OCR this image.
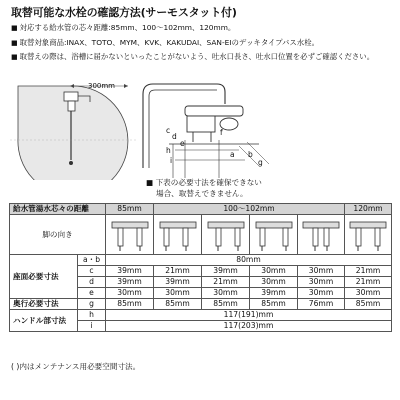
取替可能な水栓の確認方法(サーモスタット付)
■ 対応する給水管の芯々距離:85mm、100～102mm、120mm。
■ 取替対象商品:INAX、TOTO、MYM、KVK、KAKUDAI、SAN-EIのデッキタイプバス水栓。
■ 取替えの際は、浴槽に届かないといったことがないよう、吐水口長さ、吐水口位置を必ずご確認ください。
300mm
c
d
e
h
i
f
a b
g
■ 下表の必要寸法を確保できない
場合、取替えできません。
給水管湯水芯々の距離		85mm	100～102mm				120mm
脚の向き	

座面必要寸法	a・b	80mm					
	c	39mm	21mm	39mm	30mm	30mm	21mm
	d	39mm	39mm	21mm	30mm	30mm	21mm
	e	30mm	30mm	30mm	39mm	30mm	30mm
奥行必要寸法	g	85mm	85mm	85mm	85mm	76mm	85mm
ハンドル部寸法	h	117(191)mm					
	i	117(203)mm					
( )内はメンテナンス用必要空間寸法。
